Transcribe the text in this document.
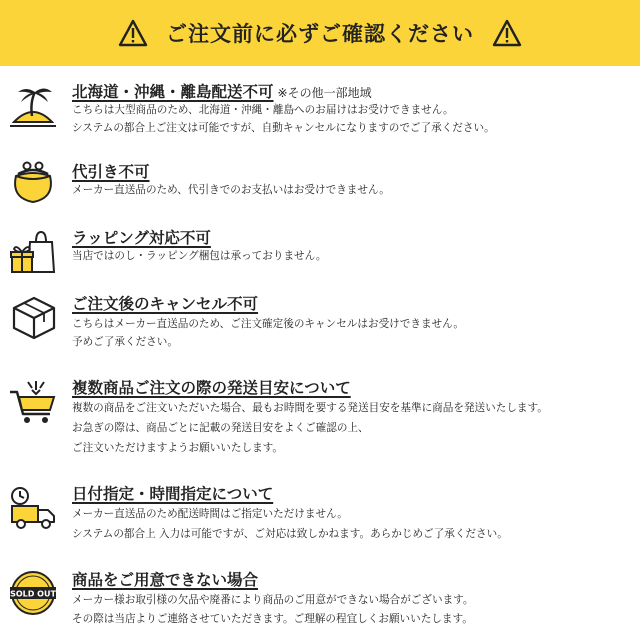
ご注文前に必ずご確認ください
北海道・沖縄・離島配送不可 ※その他一部地域
こちらは大型商品のため、北海道・沖縄・離島へのお届けはお受けできません。
システムの都合上ご注文は可能ですが、自動キャンセルになりますのでご了承ください。
代引き不可
メーカー直送品のため、代引きでのお支払いはお受けできません。
ラッピング対応不可
当店ではのし・ラッピング梱包は承っておりません。
ご注文後のキャンセル不可
こちらはメーカー直送品のため、ご注文確定後のキャンセルはお受けできません。
予めご了承ください。
複数商品ご注文の際の発送目安について
複数の商品をご注文いただいた場合、最もお時間を要する発送目安を基準に商品を発送いたします。
お急ぎの際は、商品ごとに記載の発送目安をよくご確認の上、
ご注文いただけますようお願いいたします。
日付指定・時間指定について
メーカー直送品のため配送時間はご指定いただけません。
システムの都合上 入力は可能ですが、ご対応は致しかねます。あらかじめご了承ください。
SOLD OUT
商品をご用意できない場合
メーカー様お取引様の欠品や廃番により商品のご用意ができない場合がございます。
その際は当店よりご連絡させていただきます。ご理解の程宜しくお願いいたします。
